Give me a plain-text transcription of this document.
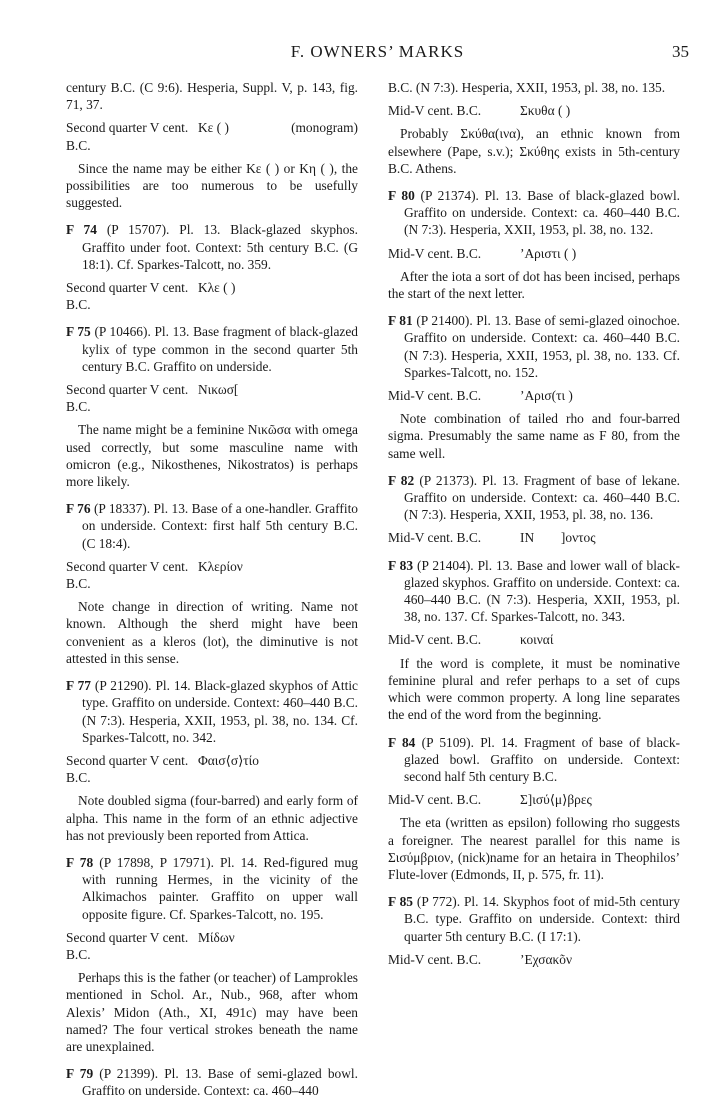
F. OWNERS’ MARKS	35

century B.C. (C 9:6). Hesperia, Suppl. V, p. 143, fig. 71, 37.

Second quarter V cent. B.C.
Κε ( )	(monogram)

Since the name may be either Κε ( ) or Κη ( ), the possibilities are too numerous to be usefully suggested.

F 74 (P 15707). Pl. 13. Black-glazed skyphos. Graffito under foot. Context: 5th century B.C. (G 18:1). Cf. Sparkes-Talcott, no. 359.

Second quarter V cent. B.C.
Κλε ( )

F 75 (P 10466). Pl. 13. Base fragment of black-glazed kylix of type common in the second quarter 5th century B.C. Graffito on underside.

Second quarter V cent. B.C.
Νικωσ[

The name might be a feminine Νικῶσα with omega used correctly, but some masculine name with omicron (e.g., Nikosthenes, Nikostratos) is perhaps more likely.

F 76 (P 18337). Pl. 13. Base of a one-handler. Graffito on underside. Context: first half 5th century B.C. (C 18:4).

Second quarter V cent. B.C.
Κλερίον

Note change in direction of writing. Name not known. Although the sherd might have been convenient as a kleros (lot), the diminutive is not attested in this sense.

F 77 (P 21290). Pl. 14. Black-glazed skyphos of Attic type. Graffito on underside. Context: 460–440 B.C. (N 7:3). Hesperia, XXII, 1953, pl. 38, no. 134. Cf. Sparkes-Talcott, no. 342.

Second quarter V cent. B.C.
Φαισ⟨σ⟩τίο

Note doubled sigma (four-barred) and early form of alpha. This name in the form of an ethnic adjective has not previously been reported from Attica.

F 78 (P 17898, P 17971). Pl. 14. Red-figured mug with running Hermes, in the vicinity of the Alkimachos painter. Graffito on upper wall opposite figure. Cf. Sparkes-Talcott, no. 195.

Second quarter V cent. B.C.
Μίδων

Perhaps this is the father (or teacher) of Lamprokles mentioned in Schol. Ar., Nub., 968, after whom Alexis’ Midon (Ath., XI, 491c) may have been named? The four vertical strokes beneath the name are unexplained.

F 79 (P 21399). Pl. 13. Base of semi-glazed bowl. Graffito on underside. Context: ca. 460–440

B.C. (N 7:3). Hesperia, XXII, 1953, pl. 38, no. 135.

Mid-V cent. B.C.	Σκυθα ( )

Probably Σκύθα(ινα), an ethnic known from elsewhere (Pape, s.v.); Σκύθης exists in 5th-century B.C. Athens.

F 80 (P 21374). Pl. 13. Base of black-glazed bowl. Graffito on underside. Context: ca. 460–440 B.C. (N 7:3). Hesperia, XXII, 1953, pl. 38, no. 132.

Mid-V cent. B.C.	’Αριστι ( )

After the iota a sort of dot has been incised, perhaps the start of the next letter.

F 81 (P 21400). Pl. 13. Base of semi-glazed oinochoe. Graffito on underside. Context: ca. 460–440 B.C. (N 7:3). Hesperia, XXII, 1953, pl. 38, no. 133. Cf. Sparkes-Talcott, no. 152.

Mid-V cent. B.C.	’Αρισ(τι )

Note combination of tailed rho and four-barred sigma. Presumably the same name as F 80, from the same well.

F 82 (P 21373). Pl. 13. Fragment of base of lekane. Graffito on underside. Context: ca. 460–440 B.C. (N 7:3). Hesperia, XXII, 1953, pl. 38, no. 136.

Mid-V cent. B.C.	ΙΝ        ]οντος

F 83 (P 21404). Pl. 13. Base and lower wall of black-glazed skyphos. Graffito on underside. Context: ca. 460–440 B.C. (N 7:3). Hesperia, XXII, 1953, pl. 38, no. 137. Cf. Sparkes-Talcott, no. 343.

Mid-V cent. B.C.	κοιναί

If the word is complete, it must be nominative feminine plural and refer perhaps to a set of cups which were common property. A long line separates the end of the word from the beginning.

F 84 (P 5109). Pl. 14. Fragment of base of black-glazed bowl. Graffito on underside. Context: second half 5th century B.C.

Mid-V cent. B.C.	Σ]ισύ⟨μ⟩βρες

The eta (written as epsilon) following rho suggests a foreigner. The nearest parallel for this name is Σισύμβριον, (nick)name for an hetaira in Theophilos’ Flute-lover (Edmonds, II, p. 575, fr. 11).

F 85 (P 772). Pl. 14. Skyphos foot of mid-5th century B.C. type. Graffito on underside. Context: third quarter 5th century B.C. (I 17:1).

Mid-V cent. B.C.	’Εχσακõν
